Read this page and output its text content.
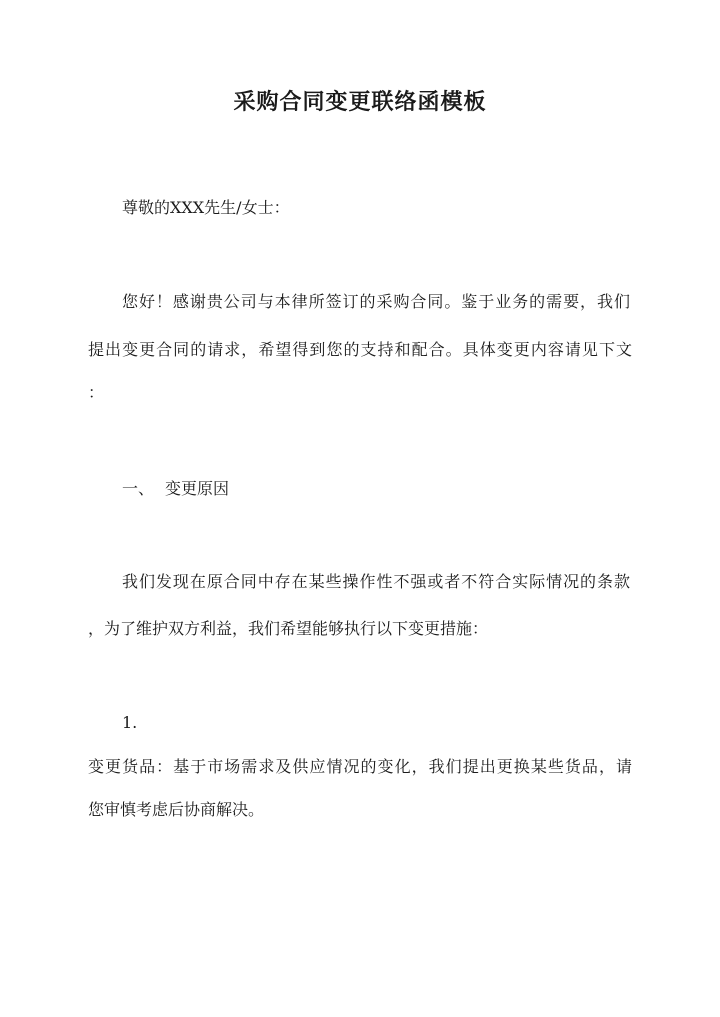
采购合同变更联络函模板
尊敬的XXX先生/女士：
您好！感谢贵公司与本律所签订的采购合同。鉴于业务的需要，我们
提出变更合同的请求，希望得到您的支持和配合。具体变更内容请见下文
：
一、 变更原因
我们发现在原合同中存在某些操作性不强或者不符合实际情况的条款
，为了维护双方利益，我们希望能够执行以下变更措施：
1.
变更货品：基于市场需求及供应情况的变化，我们提出更换某些货品，请
您审慎考虑后协商解决。
